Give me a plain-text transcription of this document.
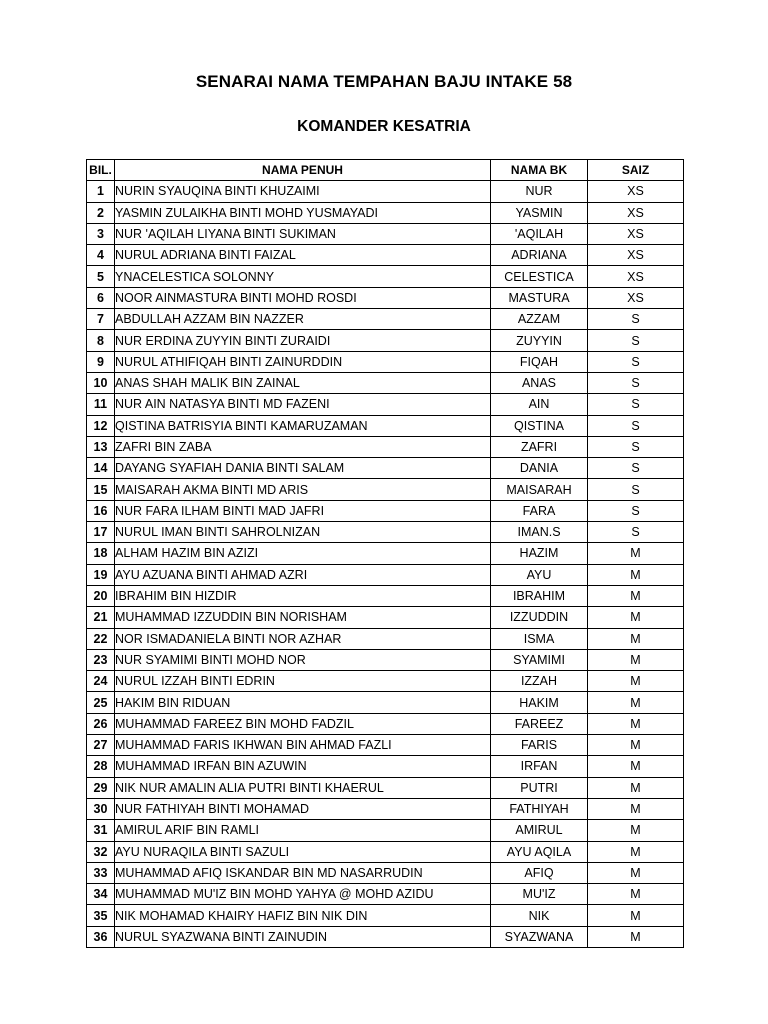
SENARAI NAMA TEMPAHAN BAJU INTAKE 58
KOMANDER KESATRIA
BIL.	NAMA PENUH	NAMA BK	SAIZ
1	NURIN SYAUQINA BINTI KHUZAIMI	NUR	XS
2	YASMIN ZULAIKHA BINTI MOHD YUSMAYADI	YASMIN	XS
3	NUR 'AQILAH LIYANA BINTI SUKIMAN	'AQILAH	XS
4	NURUL ADRIANA BINTI FAIZAL	ADRIANA	XS
5	YNACELESTICA SOLONNY	CELESTICA	XS
6	NOOR AINMASTURA BINTI MOHD ROSDI	MASTURA	XS
7	ABDULLAH AZZAM BIN NAZZER	AZZAM	S
8	NUR ERDINA ZUYYIN BINTI ZURAIDI	ZUYYIN	S
9	NURUL ATHIFIQAH BINTI ZAINURDDIN	FIQAH	S
10	ANAS SHAH MALIK BIN ZAINAL	ANAS	S
11	NUR AIN NATASYA BINTI MD FAZENI	AIN	S
12	QISTINA BATRISYIA BINTI KAMARUZAMAN	QISTINA	S
13	ZAFRI BIN ZABA	ZAFRI	S
14	DAYANG SYAFIAH DANIA BINTI SALAM	DANIA	S
15	MAISARAH AKMA BINTI MD ARIS	MAISARAH	S
16	NUR FARA ILHAM BINTI MAD JAFRI	FARA	S
17	NURUL IMAN BINTI SAHROLNIZAN	IMAN.S	S
18	ALHAM HAZIM BIN AZIZI	HAZIM	M
19	AYU AZUANA BINTI AHMAD AZRI	AYU	M
20	IBRAHIM BIN HIZDIR	IBRAHIM	M
21	MUHAMMAD IZZUDDIN BIN NORISHAM	IZZUDDIN	M
22	NOR ISMADANIELA BINTI NOR AZHAR	ISMA	M
23	NUR SYAMIMI BINTI MOHD NOR	SYAMIMI	M
24	NURUL IZZAH BINTI EDRIN	IZZAH	M
25	HAKIM BIN RIDUAN	HAKIM	M
26	MUHAMMAD FAREEZ BIN MOHD FADZIL	FAREEZ	M
27	MUHAMMAD FARIS IKHWAN BIN AHMAD FAZLI	FARIS	M
28	MUHAMMAD IRFAN BIN AZUWIN	IRFAN	M
29	NIK NUR AMALIN ALIA PUTRI BINTI KHAERUL	PUTRI	M
30	NUR FATHIYAH BINTI MOHAMAD	FATHIYAH	M
31	AMIRUL ARIF BIN RAMLI	AMIRUL	M
32	AYU NURAQILA BINTI SAZULI	AYU AQILA	M
33	MUHAMMAD AFIQ ISKANDAR BIN MD NASARRUDIN	AFIQ	M
34	MUHAMMAD MU'IZ BIN MOHD YAHYA @ MOHD AZIDU	MU'IZ	M
35	NIK MOHAMAD KHAIRY HAFIZ BIN NIK DIN	NIK	M
36	NURUL SYAZWANA BINTI ZAINUDIN	SYAZWANA	M
